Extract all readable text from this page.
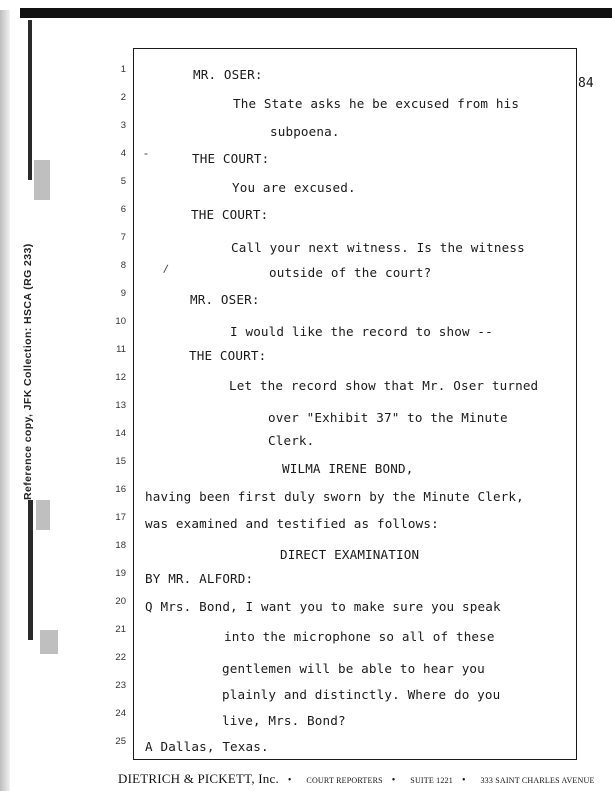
Reference copy, JFK Collection: HSCA (RG 233)
84
1
2
3
4
5
6
7
8
9
10
11
12
13
14
15
16
17
18
19
20
21
22
23
24
25
MR. OSER:
The State asks he be excused from his
subpoena.
THE COURT:
You are excused.
THE COURT:
Call your next witness. Is the witness
outside of the court?
MR. OSER:
I would like the record to show --
THE COURT:
Let the record show that Mr. Oser turned
over "Exhibit 37" to the Minute
Clerk.
WILMA IRENE BOND,
having been first duly sworn by the Minute Clerk,
was examined and testified as follows:
DIRECT EXAMINATION
BY MR. ALFORD:
Q Mrs. Bond, I want you to make sure you speak
into the microphone so all of these
gentlemen will be able to hear you
plainly and distinctly. Where do you
live, Mrs. Bond?
A Dallas, Texas.
-
/
DIETRICH & PICKETT, Inc. • COURT REPORTERS • SUITE 1221 • 333 SAINT CHARLES AVENUE
